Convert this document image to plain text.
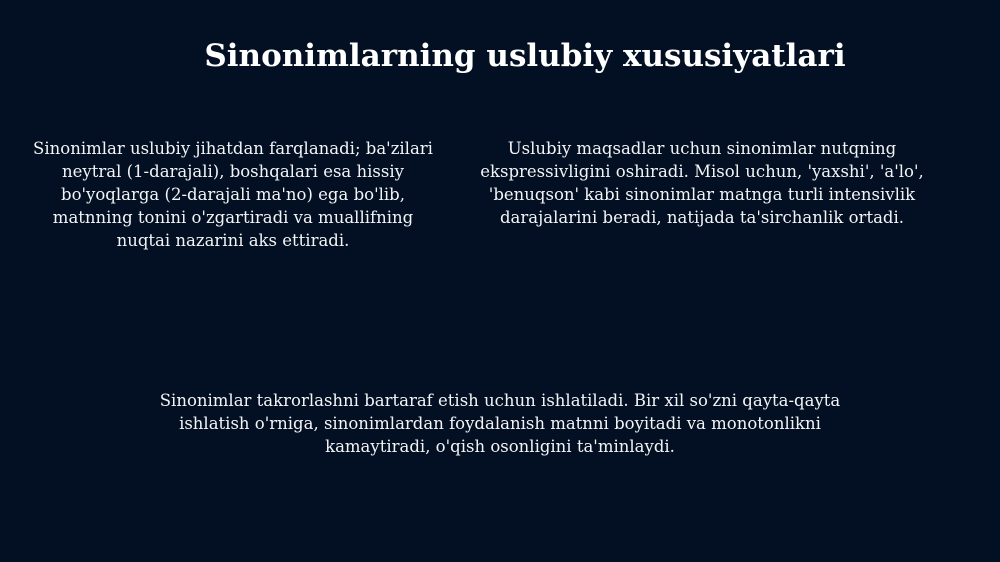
Sinonimlarning uslubiy xususiyatlari

Sinonimlar uslubiy jihatdan farqlanadi; ba'zilari neytral (1-darajali), boshqalari esa hissiy bo'yoqlarga (2-darajali ma'no) ega bo'lib, matnning tonini o'zgartiradi va muallifning nuqtai nazarini aks ettiradi.

Uslubiy maqsadlar uchun sinonimlar nutqning ekspressivligini oshiradi. Misol uchun, 'yaxshi', 'a'lo', 'benuqson' kabi sinonimlar matnga turli intensivlik darajalarini beradi, natijada ta'sirchanlik ortadi.

Sinonimlar takrorlashni bartaraf etish uchun ishlatiladi. Bir xil so'zni qayta-qayta ishlatish o'rniga, sinonimlardan foydalanish matnni boyitadi va monotonlikni kamaytiradi, o'qish osonligini ta'minlaydi.
